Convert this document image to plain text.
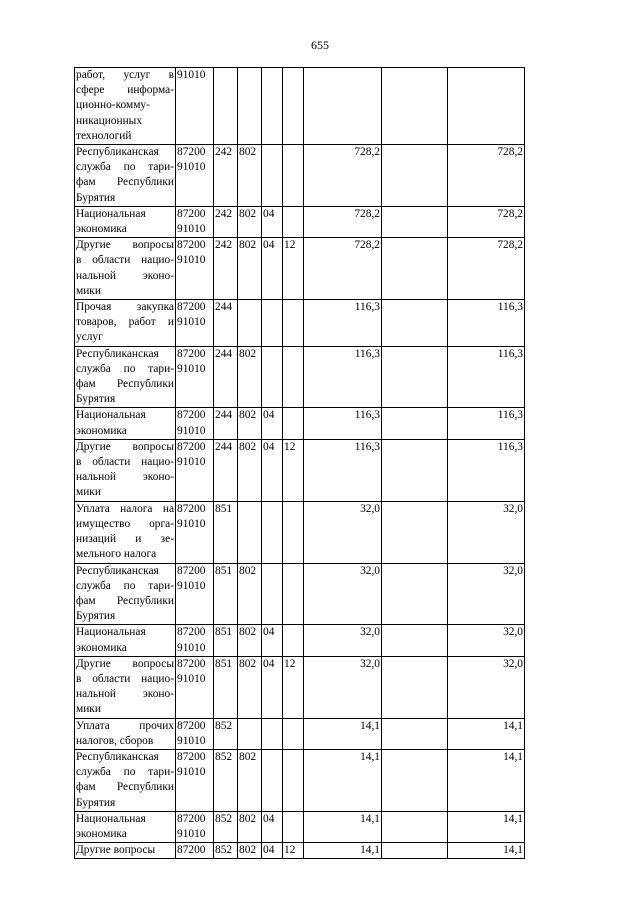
655
работ, услуг в
сфере информа-
ционно-комму-
никационных
технологий	91010							

Республиканская
служба по тари-
фам Республики
Бурятия	87200
91010	242	802			728,2		728,2

Национальная
экономика	87200
91010	242	802	04		728,2		728,2

Другие вопросы
в области нацио-
нальной эконо-
мики	87200
91010	242	802	04	12	728,2		728,2

Прочая закупка
товаров, работ и
услуг	87200
91010	244				116,3		116,3

Республиканская
служба по тари-
фам Республики
Бурятия	87200
91010	244	802			116,3		116,3

Национальная
экономика	87200
91010	244	802	04		116,3		116,3

Другие вопросы
в области нацио-
нальной эконо-
мики	87200
91010	244	802	04	12	116,3		116,3

Уплата налога на
имущество орга-
низаций и зе-
мельного налога	87200
91010	851				32,0		32,0

Республиканская
служба по тари-
фам Республики
Бурятия	87200
91010	851	802			32,0		32,0

Национальная
экономика	87200
91010	851	802	04		32,0		32,0

Другие вопросы
в области нацио-
нальной эконо-
мики	87200
91010	851	802	04	12	32,0		32,0

Уплата прочих
налогов, сборов	87200
91010	852				14,1		14,1

Республиканская
служба по тари-
фам Республики
Бурятия	87200
91010	852	802			14,1		14,1

Национальная
экономика	87200
91010	852	802	04		14,1		14,1

Другие вопросы	87200	852	802	04	12	14,1		14,1
